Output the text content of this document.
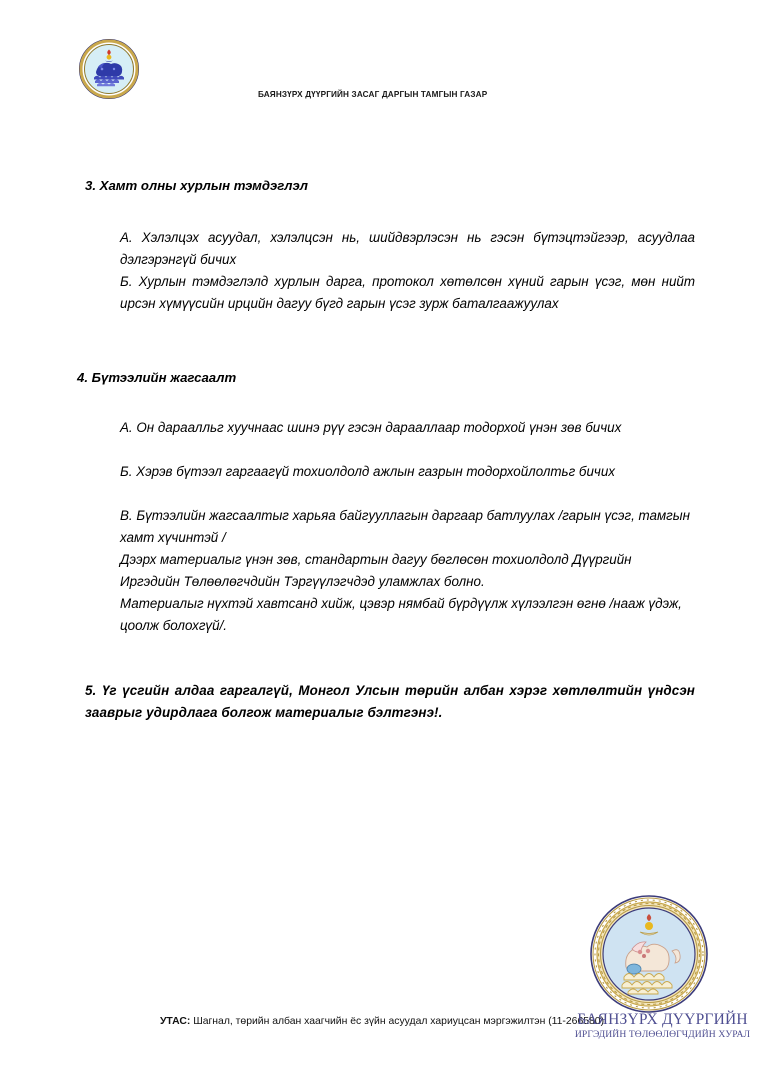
БАЯНЗҮРХ ДҮҮРГИЙН ЗАСАГ ДАРГЫН ТАМГЫН ГАЗАР
3. Хамт олны хурлын тэмдэглэл
А. Хэлэлцэх асуудал, хэлэлцсэн нь, шийдвэрлэсэн нь гэсэн бүтэцтэйгээр, асуудлаа дэлгэрэнгүй бичих
Б. Хурлын тэмдэглэлд хурлын дарга, протокол хөтөлсөн хүний гарын үсэг, мөн нийт ирсэн хүмүүсийн ирцийн дагуу бүгд гарын үсэг зурж баталгаажуулах
4. Бүтээлийн жагсаалт
А. Он дараалльг хуучнаас шинэ рүү гэсэн дарааллаар тодорхой үнэн зөв бичих
Б. Хэрэв бүтээл гаргаагүй тохиолдолд ажлын газрын тодорхойлолтьг бичих
В. Бүтээлийн жагсаалтыг харьяа байгууллагын даргаар батлуулах /гарын үсэг, тамгын хамт хүчинтэй /
Дээрх материалыг үнэн зөв, стандартын дагуу бөглөсөн тохиолдолд Дүүргийн Иргэдийн Төлөөлөгчдийн Тэргүүлэгчдэд уламжлах болно.
Материалыг нүхтэй хавтсанд хийж, цэвэр нямбай бүрдүүлж хүлээлгэн өгнө /нааж үдэж, цоолж болохгүй/.
5. Үг үсгийн алдаа гаргалгүй, Монгол Улсын төрийн албан хэрэг хөтлөлтийн үндсэн зааврыг удирдлага болгож материалыг бэлтгэнэ!.
УТАС: Шагнал, төрийн албан хаагчийн ёс зүйн асуудал хариуцсан мэргэжилтэн (11-266580)
БАЯНЗҮРХ ДҮҮРГИЙН
ИРГЭДИЙН ТӨЛӨӨЛӨГЧДИЙН ХУРАЛ
